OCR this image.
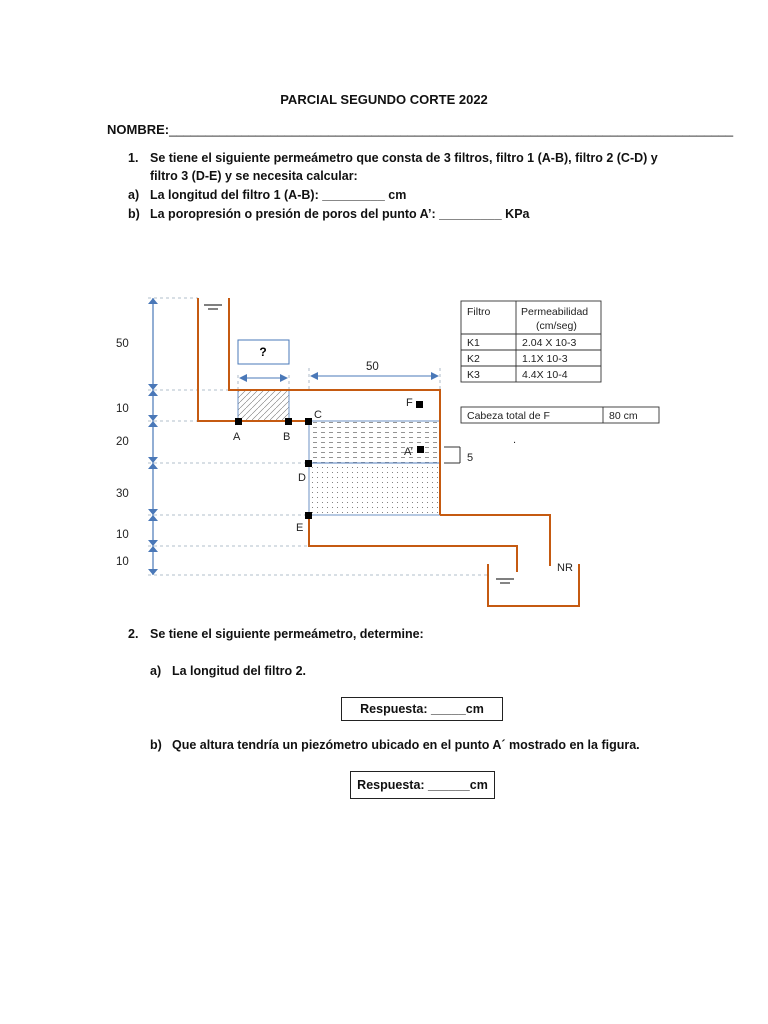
PARCIAL SEGUNDO CORTE 2022
NOMBRE:______________________________________________________________________________
1. Se tiene el siguiente permeámetro que consta de 3 filtros, filtro 1 (A-B), filtro 2 (C-D) y
filtro 3 (D-E) y se necesita calcular:
a) La longitud del filtro 1 (A-B): _________ cm
b) La poropresión o presión de poros del punto A’: _________ KPa
50
10
20
30
10
10
?
50
A	B
C
D
E
F
A’
NR
.
5
Filtro	Permeabilidad
(cm/seg)
K1	2.04 X 10-3
K2	1.1X 10-3
K3	4.4X 10-4
Cabeza total de F	80 cm
2. Se tiene el siguiente permeámetro, determine:
a) La longitud del filtro 2.
Respuesta: _____cm
b) Que altura tendría un piezómetro ubicado en el punto A´ mostrado en la figura.
Respuesta: ______cm
